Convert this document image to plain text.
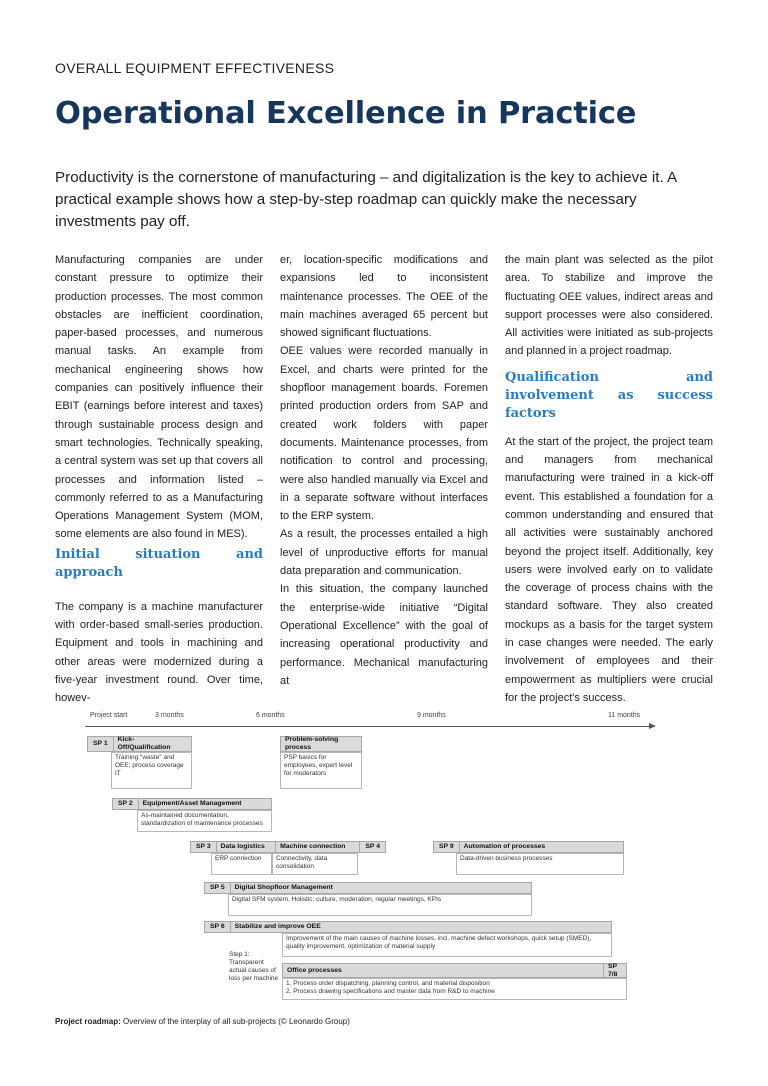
OVERALL EQUIPMENT EFFECTIVENESS
Operational Excellence in Practice

Productivity is the cornerstone of manufacturing – and digitalization is the key to achieve it. A practical example shows how a step-by-step roadmap can quickly make the necessary investments pay off.

Manufacturing companies are under constant pressure to optimize their production processes. The most common obstacles are inefficient coordination, paper-based processes, and numerous manual tasks. An example from mechanical engineering shows how companies can positively influence their EBIT (earnings before interest and taxes) through sustainable process design and smart technologies. Technically speaking, a central system was set up that covers all processes and information listed – commonly referred to as a Manufacturing Operations Management System (MOM, some elements are also found in MES).

Initial situation and approach

The company is a machine manufacturer with order-based small-series production. Equipment and tools in machining and other areas were modernized during a five-year investment round. Over time, howev-

er, location-specific modifications and expansions led to inconsistent maintenance processes. The OEE of the main machines averaged 65 percent but showed significant fluctuations.

OEE values were recorded manually in Excel, and charts were printed for the shopfloor management boards. Foremen printed production orders from SAP and created work folders with paper documents. Maintenance processes, from notification to control and processing, were also handled manually via Excel and in a separate software without interfaces to the ERP system.

As a result, the processes entailed a high level of unproductive efforts for manual data preparation and communication.

In this situation, the company launched the enterprise-wide initiative “Digital Operational Excellence” with the goal of increasing operational productivity and performance. Mechanical manufacturing at

the main plant was selected as the pilot area. To stabilize and improve the fluctuating OEE values, indirect areas and support processes were also considered. All activities were initiated as sub-projects and planned in a project roadmap.

Qualification and involvement as success factors

At the start of the project, the project team and managers from mechanical manufacturing were trained in a kick-off event. This established a foundation for a common understanding and ensured that all activities were sustainably anchored beyond the project itself. Additionally, key users were involved early on to validate the coverage of process chains with the standard software. They also created mockups as a basis for the target system in case changes were needed. The early involvement of employees and their empowerment as multipliers were crucial for the project's success.

Project start	3 months	6 months	9 months	11 months
SP 1
Kick-Off/Qualification
Training "waste" and OEE; process coverage IT
Problem-solving process
PSP basics for employees, expert level for moderators
SP 2	Equipment/Asset Management
As-maintained documentation, standardization of maintenance processes
SP 3	Data logistics	Machine connection	SP 4
ERP connection	Connectivity, data consolidation
SP 9	Automation of processes
Data-driven business processes
SP 5	Digital Shopfloor Management
Digital SFM system. Holistic: culture, moderation, regular meetings, KPIs
SP 6	Stabilize and improve OEE
Step 1: Transparent actual causes of loss per machine
Improvement of the main causes of machine losses, incl. machine defect workshops, quick setup (SMED), quality improvement, optimization of material supply
Office processes
SP 7/8
1. Process order dispatching, planning control, and material disposition
2. Process drawing specifications and master data from R&D to machine
Project roadmap: Overview of the interplay of all sub-projects (© Leonardo Group)
